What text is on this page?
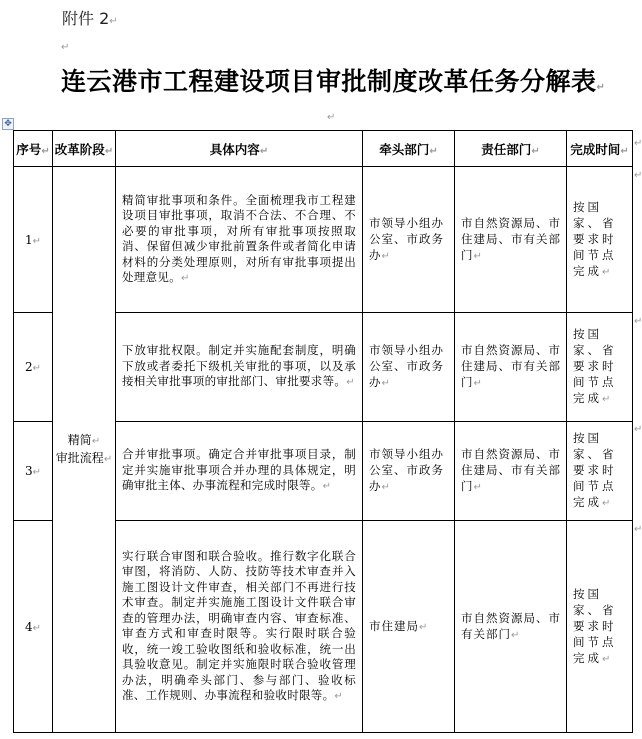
附件 2↵
↵
连云港市工程建设项目审批制度改革任务分解表↵
↵
✥
序号↵	改革阶段↵	具体内容↵	牵头部门↵	责任部门↵	完成时间↵
1↵	精简↵
审批流程↵	精简审批事项和条件。全面梳理我市工程建设项目审批事项，取消不合法、不合理、不必要的审批事项，对所有审批事项按照取消、保留但减少审批前置条件或者简化申请材料的分类处理原则，对所有审批事项提出处理意见。↵	市领导小组办公室、市政务办↵	市自然资源局、市住建局、市有关部门↵	按国家、省要求时间节点完成↵
2↵		下放审批权限。制定并实施配套制度，明确下放或者委托下级机关审批的事项，以及承接相关审批事项的审批部门、审批要求等。↵	市领导小组办公室、市政务办↵	市自然资源局、市住建局、市有关部门↵	按国家、省要求时间节点完成↵
3↵		合并审批事项。确定合并审批事项目录，制定并实施审批事项合并办理的具体规定，明确审批主体、办事流程和完成时限等。↵	市领导小组办公室、市政务办↵	市自然资源局、市住建局、市有关部门↵	按国家、省要求时间节点完成↵
4↵		实行联合审图和联合验收。推行数字化联合审图，将消防、人防、技防等技术审查并入施工图设计文件审查，相关部门不再进行技术审查。制定并实施施工图设计文件联合审查的管理办法，明确审查内容、审查标准、审查方式和审查时限等。实行限时联合验收，统一竣工验收图纸和验收标准，统一出具验收意见。制定并实施限时联合验收管理办法，明确牵头部门、参与部门、验收标准、工作规则、办事流程和验收时限等。↵	市住建局↵	市自然资源局、市有关部门↵	按国家、省要求时间节点完成↵
↵
↵
↵
↵
↵
